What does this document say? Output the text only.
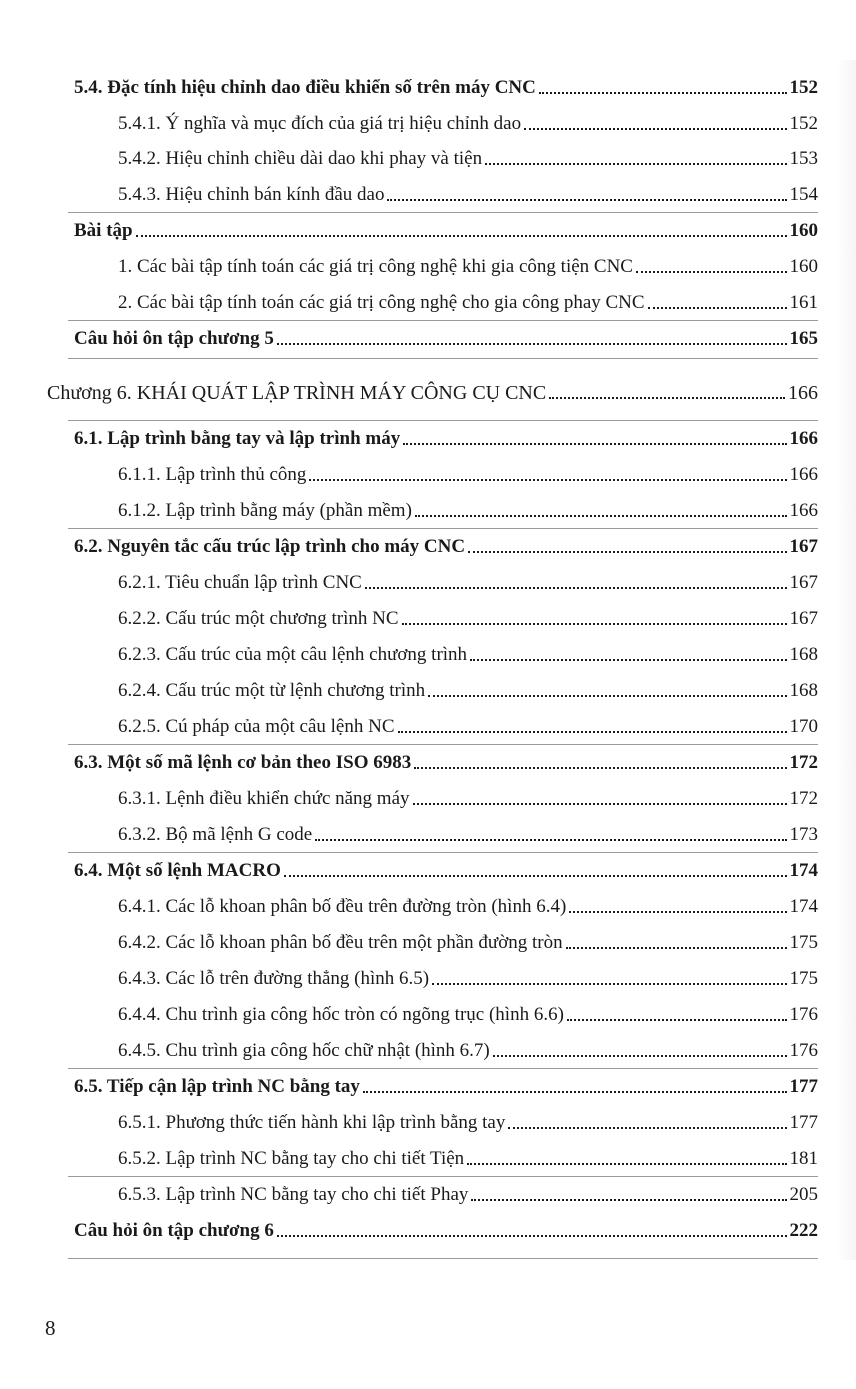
5.4. Đặc tính hiệu chỉnh dao điều khiển số trên máy CNC	152
5.4.1. Ý nghĩa và mục đích của giá trị hiệu chỉnh dao	152
5.4.2. Hiệu chỉnh chiều dài dao khi phay và tiện	153
5.4.3. Hiệu chỉnh bán kính đầu dao	154
Bài tập	160
1. Các bài tập tính toán các giá trị công nghệ khi gia công tiện CNC	160
2. Các bài tập tính toán các giá trị công nghệ cho gia công phay CNC	161
Câu hỏi ôn tập chương 5	165
Chương 6. KHÁI QUÁT LẬP TRÌNH MÁY CÔNG CỤ CNC	166
6.1. Lập trình bằng tay và lập trình máy	166
6.1.1. Lập trình thủ công	166
6.1.2. Lập trình bằng máy (phần mềm)	166
6.2. Nguyên tắc cấu trúc lập trình cho máy CNC	167
6.2.1. Tiêu chuẩn lập trình CNC	167
6.2.2. Cấu trúc một chương trình NC	167
6.2.3. Cấu trúc của một câu lệnh chương trình	168
6.2.4. Cấu trúc một từ lệnh chương trình	168
6.2.5. Cú pháp của một câu lệnh NC	170
6.3. Một số mã lệnh cơ bản theo ISO 6983	172
6.3.1. Lệnh điều khiển chức năng máy	172
6.3.2. Bộ mã lệnh G code	173
6.4. Một số lệnh MACRO	174
6.4.1. Các lỗ khoan phân bố đều trên đường tròn (hình 6.4)	174
6.4.2. Các lỗ khoan phân bố đều trên một phần đường tròn	175
6.4.3. Các lỗ trên đường thẳng (hình 6.5)	175
6.4.4. Chu trình gia công hốc tròn có ngõng trục (hình 6.6)	176
6.4.5. Chu trình gia công hốc chữ nhật (hình 6.7)	176
6.5. Tiếp cận lập trình NC bằng tay	177
6.5.1. Phương thức tiến hành khi lập trình bằng tay	177
6.5.2. Lập trình NC bằng tay cho chi tiết Tiện	181
6.5.3. Lập trình NC bằng tay cho chi tiết Phay	205
Câu hỏi ôn tập chương 6	222
8
